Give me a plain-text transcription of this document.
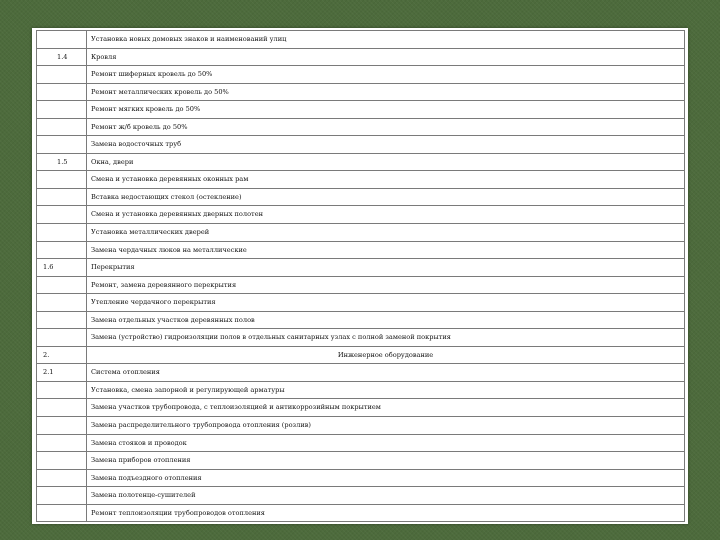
	Установка новых домовых знаков и наименований улиц
1.4	Кровля
	Ремонт шиферных кровель до 50%
	Ремонт металлических кровель до 50%
	Ремонт мягких кровель до 50%
	Ремонт ж/б кровель до 50%
	Замена водосточных труб
1.5	Окна, двери
	Смена и установка деревянных оконных рам
	Вставка недостающих стекол (остекление)
	Смена и установка деревянных дверных полотен
	Установка металлических дверей
	Замена чердачных люков на металлические
1.6	Перекрытия
	Ремонт, замена деревянного перекрытия
	Утепление чердачного перекрытия
	Замена отдельных участков деревянных полов
	Замена (устройство) гидроизоляции полов в отдельных санитарных узлах с полной заменой покрытия
2.	Инженерное оборудование
2.1	Система отопления
	Установка, смена запорной и регулирующей арматуры
	Замена участков трубопровода, с теплоизоляцией и антикоррозийным покрытием
	Замена распределительного трубопровода отопления (розлив)
	Замена стояков и проводок
	Замена приборов отопления
	Замена подъездного отопления
	Замена полотенце-сушителей
	Ремонт теплоизоляции трубопроводов отопления
